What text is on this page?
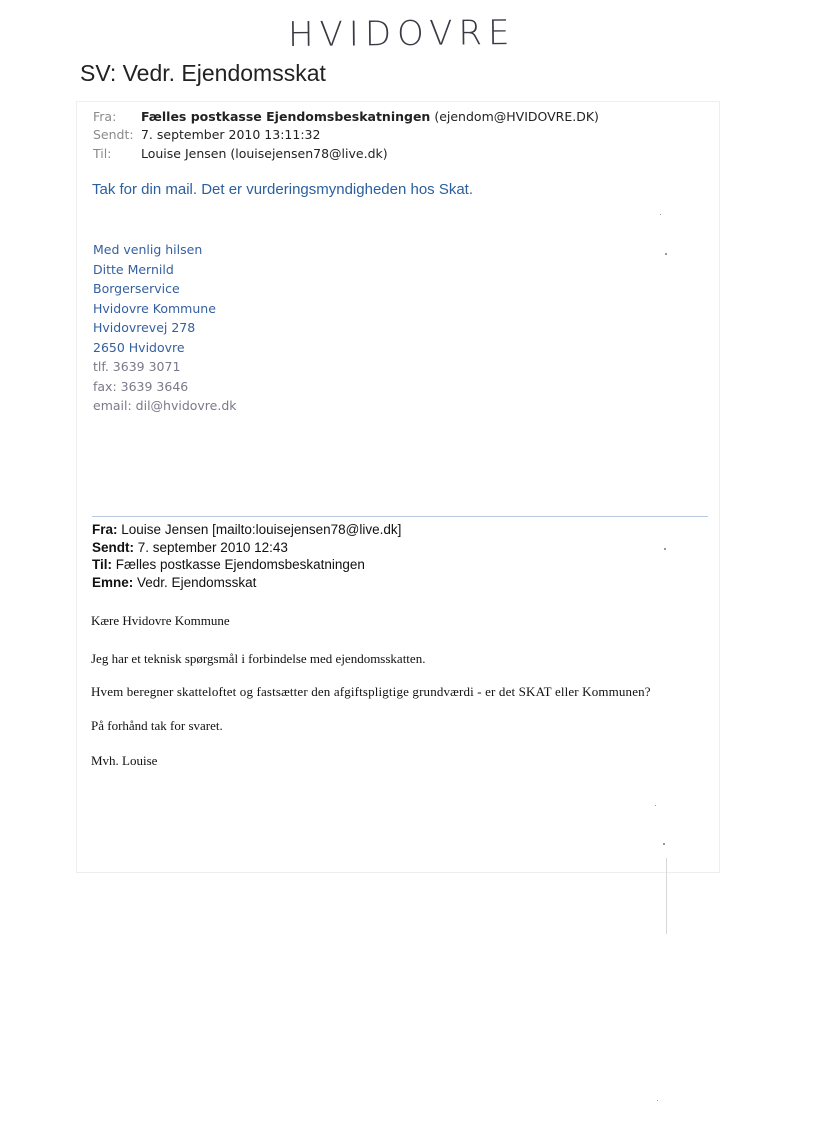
HVIDOVRE
SV: Vedr. Ejendomsskat
Fra: Fælles postkasse Ejendomsbeskatningen (ejendom@HVIDOVRE.DK)
Sendt: 7. september 2010 13:11:32
Til: Louise Jensen (louisejensen78@live.dk)
Tak for din mail. Det er vurderingsmyndigheden hos Skat.
Med venlig hilsen
Ditte Mernild
Borgerservice
Hvidovre Kommune
Hvidovrevej 278
2650 Hvidovre
tlf. 3639 3071
fax: 3639 3646
email: dil@hvidovre.dk
Fra: Louise Jensen [mailto:louisejensen78@live.dk]
Sendt: 7. september 2010 12:43
Til: Fælles postkasse Ejendomsbeskatningen
Emne: Vedr. Ejendomsskat
Kære Hvidovre Kommune
Jeg har et teknisk spørgsmål i forbindelse med ejendomsskatten.
Hvem beregner skatteloftet og fastsætter den afgiftspligtige grundværdi - er det SKAT eller Kommunen?
På forhånd tak for svaret.
Mvh. Louise
